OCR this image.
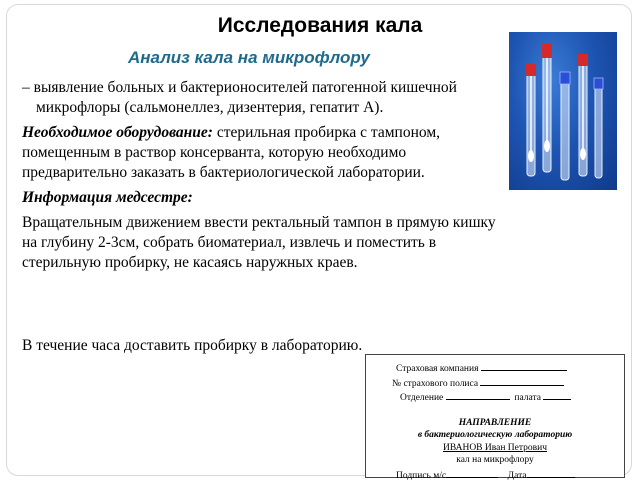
Исследования кала
Анализ кала на микрофлору

– выявление больных и бактерионосителей патогенной кишечной микрофлоры (сальмонеллез, дизентерия, гепатит А).

Необходимое оборудование: стерильная пробирка с тампоном, помещенным в раствор консерванта, которую необходимо предварительно заказать в бактериологической лаборатории.

Информация медсестре:

Вращательным движением ввести ректальный тампон в прямую кишку на глубину 2-3см, собрать биоматериал, извлечь и поместить в стерильную пробирку, не касаясь наружных краев.

В течение часа доставить пробирку в лабораторию.

Страховая компания

№ страхового полиса

Отделение	палата

НАПРАВЛЕНИЕ

в бактериологическую лабораторию

ИВАНОВ Иван Петрович

кал на микрофлору

Подпись м/с	Дата
